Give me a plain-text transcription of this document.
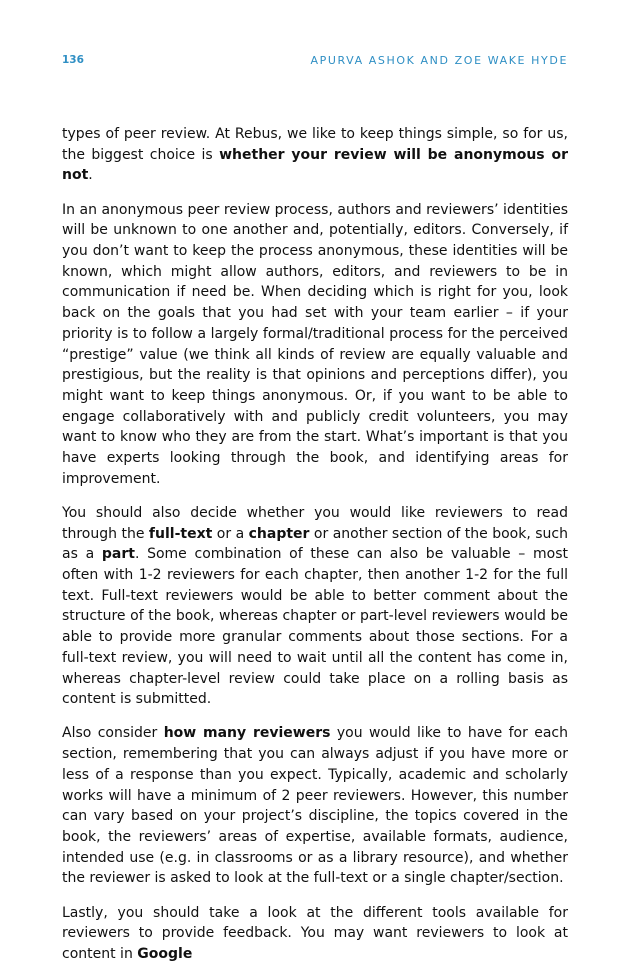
136	APURVA ASHOK AND ZOE WAKE HYDE

types of peer review. At Rebus, we like to keep things simple, so for us, the biggest choice is whether your review will be anonymous or not.

In an anonymous peer review process, authors and reviewers’ identities will be unknown to one another and, potentially, editors. Conversely, if you don’t want to keep the process anonymous, these identities will be known, which might allow authors, editors, and reviewers to be in communication if need be. When deciding which is right for you, look back on the goals that you had set with your team earlier – if your priority is to follow a largely formal/traditional process for the perceived “prestige” value (we think all kinds of review are equally valuable and prestigious, but the reality is that opinions and perceptions differ), you might want to keep things anonymous. Or, if you want to be able to engage collaboratively with and publicly credit volunteers, you may want to know who they are from the start. What’s important is that you have experts looking through the book, and identifying areas for improvement.

You should also decide whether you would like reviewers to read through the full-text or a chapter or another section of the book, such as a part. Some combination of these can also be valuable – most often with 1-2 reviewers for each chapter, then another 1-2 for the full text. Full-text reviewers would be able to better comment about the structure of the book, whereas chapter or part-level reviewers would be able to provide more granular comments about those sections. For a full-text review, you will need to wait until all the content has come in, whereas chapter-level review could take place on a rolling basis as content is submitted.

Also consider how many reviewers you would like to have for each section, remembering that you can always adjust if you have more or less of a response than you expect. Typically, academic and scholarly works will have a minimum of 2 peer reviewers. However, this number can vary based on your project’s discipline, the topics covered in the book, the reviewers’ areas of expertise, available formats, audience, intended use (e.g. in classrooms or as a library resource), and whether the reviewer is asked to look at the full-text or a single chapter/section.

Lastly, you should take a look at the different tools available for reviewers to provide feedback. You may want reviewers to look at content in Google
